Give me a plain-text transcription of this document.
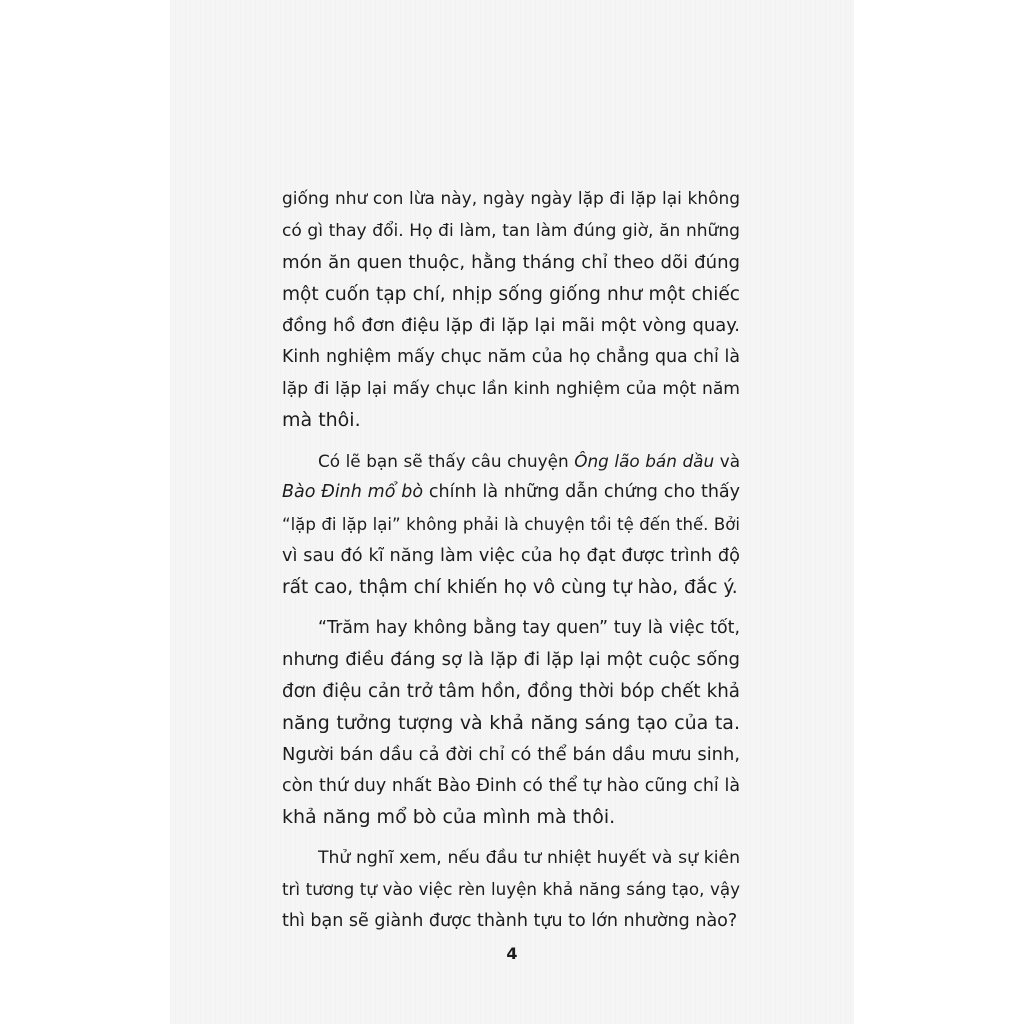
giống như con lừa này, ngày ngày lặp đi lặp lại không
có gì thay đổi. Họ đi làm, tan làm đúng giờ, ăn những
món ăn quen thuộc, hằng tháng chỉ theo dõi đúng
một cuốn tạp chí, nhịp sống giống như một chiếc
đồng hồ đơn điệu lặp đi lặp lại mãi một vòng quay.
Kinh nghiệm mấy chục năm của họ chẳng qua chỉ là
lặp đi lặp lại mấy chục lần kinh nghiệm của một năm
mà thôi.
Có lẽ bạn sẽ thấy câu chuyện Ông lão bán dầu và
Bào Đinh mổ bò chính là những dẫn chứng cho thấy
“lặp đi lặp lại” không phải là chuyện tồi tệ đến thế. Bởi
vì sau đó kĩ năng làm việc của họ đạt được trình độ
rất cao, thậm chí khiến họ vô cùng tự hào, đắc ý.
“Trăm hay không bằng tay quen” tuy là việc tốt,
nhưng điều đáng sợ là lặp đi lặp lại một cuộc sống
đơn điệu cản trở tâm hồn, đồng thời bóp chết khả
năng tưởng tượng và khả năng sáng tạo của ta.
Người bán dầu cả đời chỉ có thể bán dầu mưu sinh,
còn thứ duy nhất Bào Đinh có thể tự hào cũng chỉ là
khả năng mổ bò của mình mà thôi.
Thử nghĩ xem, nếu đầu tư nhiệt huyết và sự kiên
trì tương tự vào việc rèn luyện khả năng sáng tạo, vậy
thì bạn sẽ giành được thành tựu to lớn nhường nào?
4
